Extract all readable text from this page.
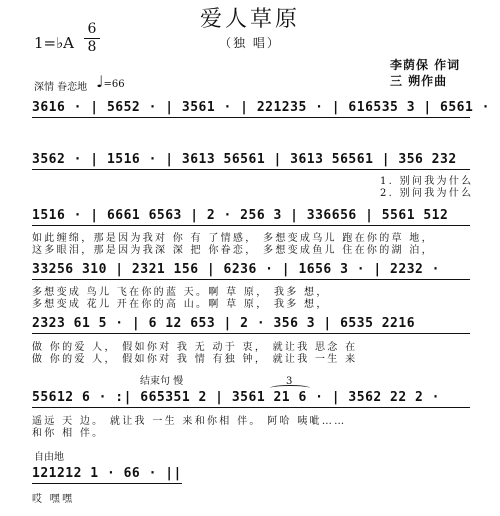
爱人草原
（独 唱）
1=♭A
6
8
李荫保 作词
三 朔作曲
深情 眷恋地 ♩=66
3616 · | 5652 · | 3561 · | 221235 · | 616535 3 | 6561 ·
3562 · | 1516 · | 3613 56561 | 3613 56561 | 356 232
1. 别问我为什么
2. 别问我为什么
1516 · | 6661 6563 | 2 · 256 3 | 336656 | 5561 512
如此缠绵，那是因为我对 你 有 了情感， 多想变成乌儿 跑在你的草 地，
这多眼泪，那是因为我深 深 把 你眷恋， 多想变成鱼儿 住在你的湖 泊，
33256 310 | 2321 156 | 6236 · | 1656 3 · | 2232 ·
多想变成 鸟儿 飞在你的蓝 天。啊 草 原， 我多 想，
多想变成 花儿 开在你的高 山。啊 草 原， 我多 想，
2323 61 5 · | 6 12 653 | 2 · 356 3 | 6535 2216
做 你的爱 人， 假如你对 我 无 动于 衷， 就让我 思念 在
做 你的爱 人， 假如你对 我 情 有独 钟， 就让我 一生 来
结束句 慢	3
55612 6 · :| 665351 2 | 3561 21 6 · | 3562 22 2 ·
遥远 天 边。 就让我 一生 来和你相 伴。 阿哈 咦呲……
和你 相 伴。
自由地
121212 1 · 66 · ||
哎 嘿嘿
